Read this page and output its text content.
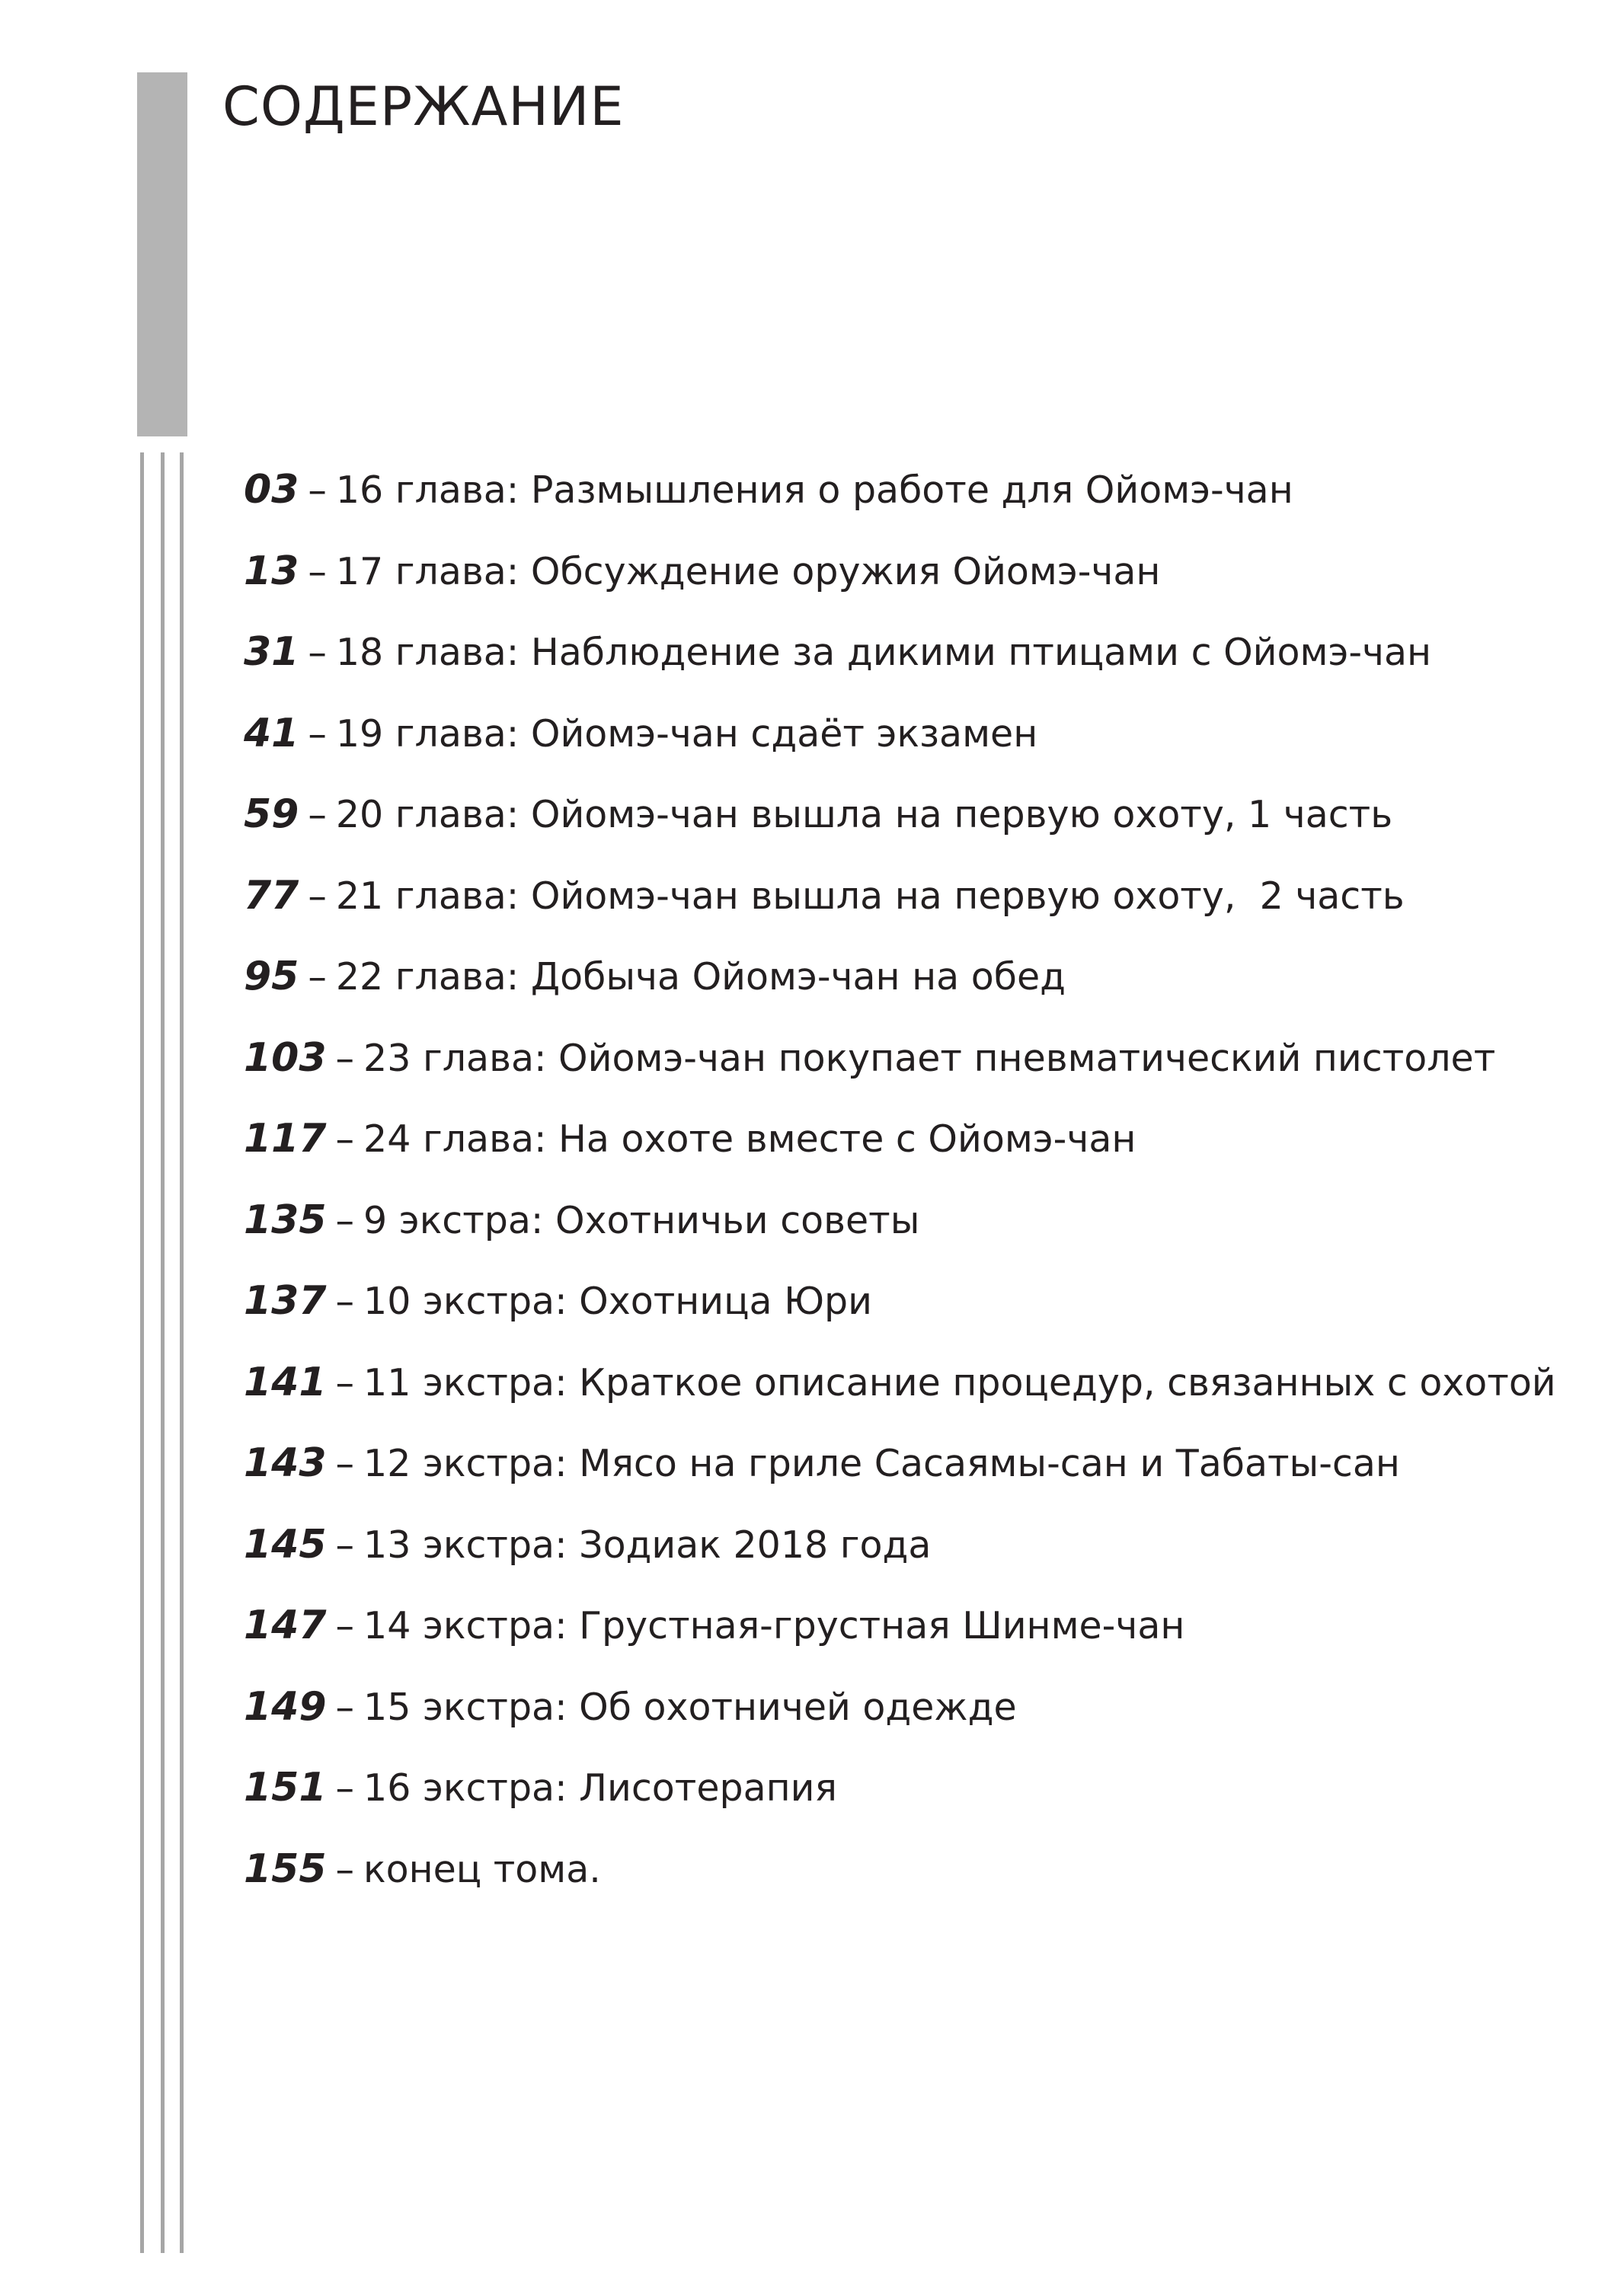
СОДЕРЖАНИЕ
03 – 16 глава: Размышления о работе для Ойомэ-чан
13 – 17 глава: Обсуждение оружия Ойомэ-чан
31 – 18 глава: Наблюдение за дикими птицами с Ойомэ-чан
41 – 19 глава: Ойомэ-чан сдаёт экзамен
59 – 20 глава: Ойомэ-чан вышла на первую охоту, 1 часть
77 – 21 глава: Ойомэ-чан вышла на первую охоту,  2 часть
95 – 22 глава: Добыча Ойомэ-чан на обед
103 – 23 глава: Ойомэ-чан покупает пневматический пистолет
117 – 24 глава: На охоте вместе с Ойомэ-чан
135 – 9 экстра: Охотничьи советы
137 – 10 экстра: Охотница Юри
141 – 11 экстра: Краткое описание процедур, связанных с охотой
143 – 12 экстра: Мясо на гриле Сасаямы-сан и Табаты-сан
145 – 13 экстра: Зодиак 2018 года
147 – 14 экстра: Грустная-грустная Шинме-чан
149 – 15 экстра: Об охотничей одежде
151 – 16 экстра: Лисотерапия
155 – конец тома.
